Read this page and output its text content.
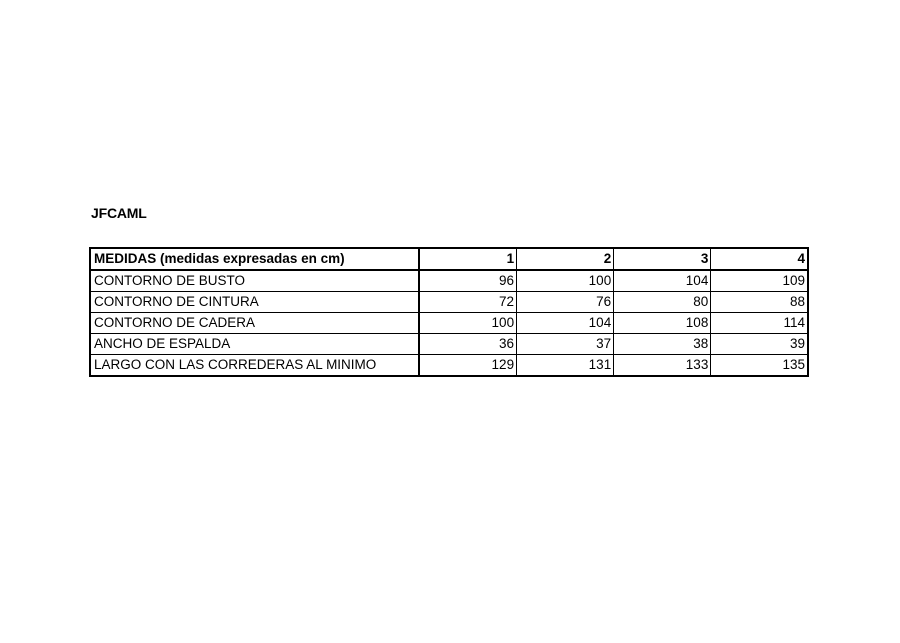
JFCAML
MEDIDAS (medidas expresadas en cm)	1	2	3	4
CONTORNO DE BUSTO	96	100	104	109
CONTORNO DE CINTURA	72	76	80	88
CONTORNO DE CADERA	100	104	108	114
ANCHO DE ESPALDA	36	37	38	39
LARGO CON LAS CORREDERAS AL MINIMO	129	131	133	135
